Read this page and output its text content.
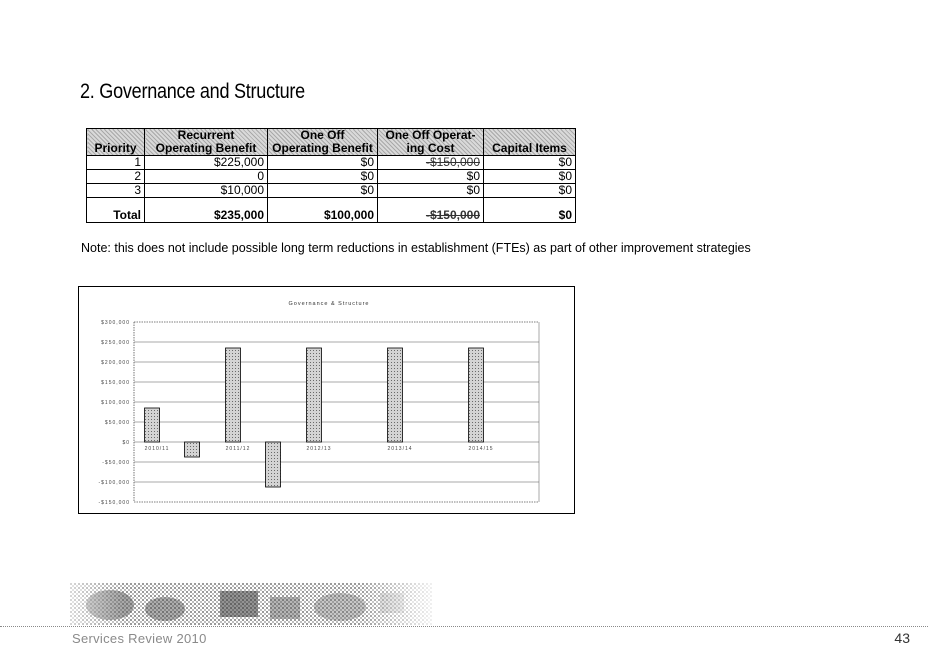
2. Governance and Structure
Priority	Recurrent Operating Benefit	One Off Operating Benefit	One Off Operat-ing Cost	Capital Items
1	$225,000	$0	-$150,000	$0
2	0	$0	$0	$0
3	$10,000	$0	$0	$0
Total	$235,000	$100,000	-$150,000	$0

Note: this does not include possible long term reductions in establishment (FTEs) as part of other improvement strategies

Governance & Structure
$300,000
$250,000
$200,000
$150,000
$100,000
$50,000
$0
-$50,000
-$100,000
-$150,000
2010/11	2011/12	2012/13	2013/14	2014/15
Services Review 2010	43
